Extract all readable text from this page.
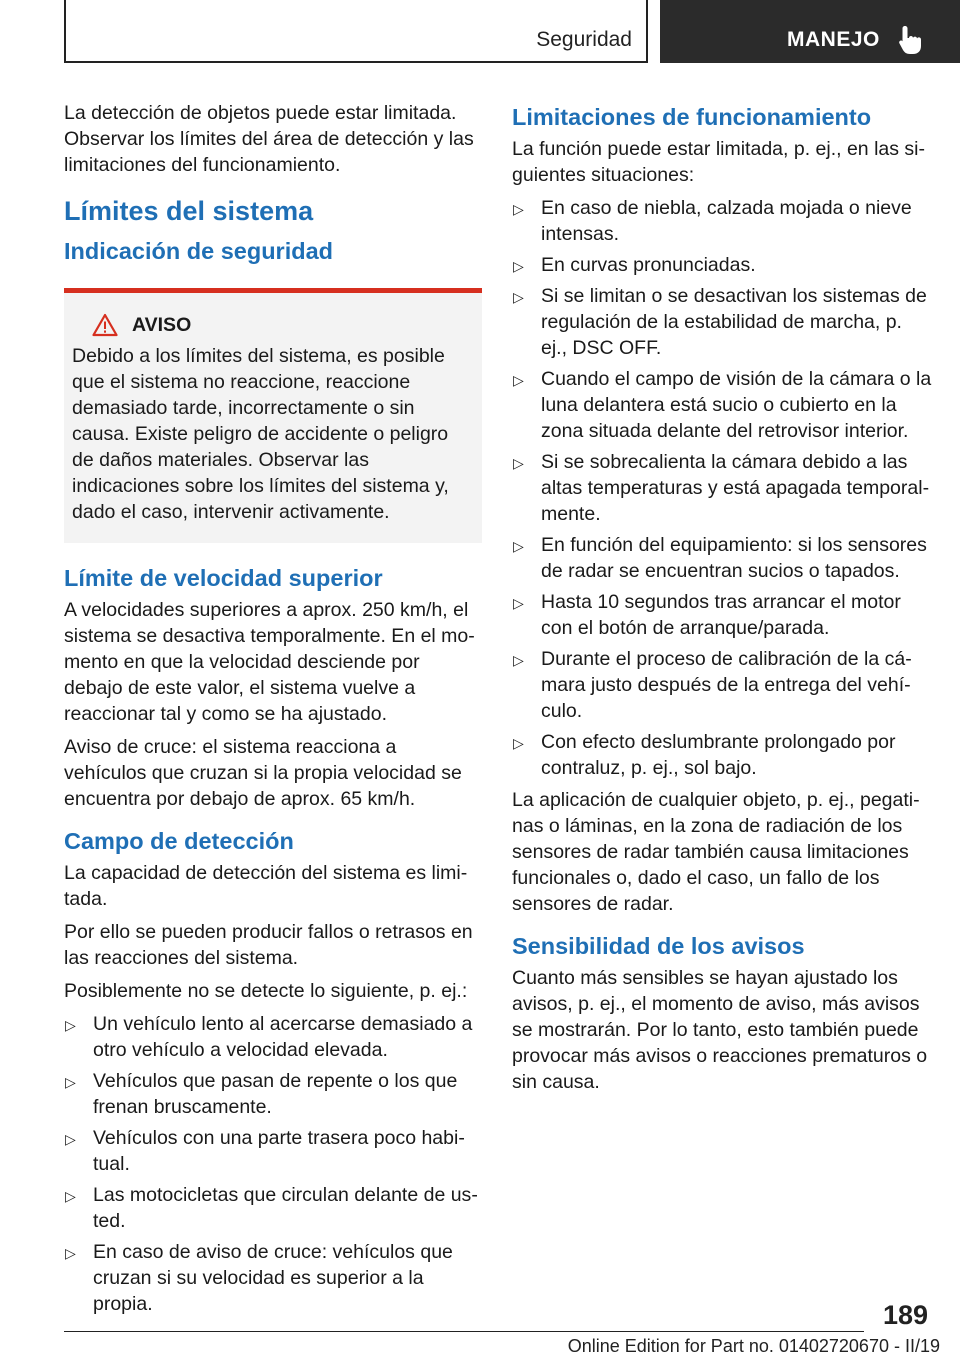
Seguridad	MANEJO

La detección de objetos puede estar limitada. Observar los límites del área de detección y las limitaciones del funcionamiento.

Límites del sistema
Indicación de seguridad
AVISO

Debido a los límites del sistema, es posible que el sistema no reaccione, reaccione demasiado tarde, incorrectamente o sin causa. Existe peligro de accidente o peligro de daños materiales. Observar las indicaciones sobre los límites del sistema y, dado el caso, intervenir activamente.

Límite de velocidad superior

A velocidades superiores a aprox. 250 km/h, el sistema se desactiva temporalmente. En el momento en que la velocidad desciende por debajo de este valor, el sistema vuelve a reaccionar tal y como se ha ajustado.

Aviso de cruce: el sistema reacciona a vehículos que cruzan si la propia velocidad se encuentra por debajo de aprox. 65 km/h.

Campo de detección

La capacidad de detección del sistema es limitada.

Por ello se pueden producir fallos o retrasos en las reacciones del sistema.

Posiblemente no se detecte lo siguiente, p. ej.:

▷ Un vehículo lento al acercarse demasiado a otro vehículo a velocidad elevada.
▷ Vehículos que pasan de repente o los que frenan bruscamente.
▷ Vehículos con una parte trasera poco habitual.
▷ Las motocicletas que circulan delante de usted.
▷ En caso de aviso de cruce: vehículos que cruzan si su velocidad es superior a la propia.
Limitaciones de funcionamiento

La función puede estar limitada, p. ej., en las siguientes situaciones:

▷ En caso de niebla, calzada mojada o nieve intensas.
▷ En curvas pronunciadas.
▷ Si se limitan o se desactivan los sistemas de regulación de la estabilidad de marcha, p. ej., DSC OFF.
▷ Cuando el campo de visión de la cámara o la luna delantera está sucio o cubierto en la zona situada delante del retrovisor interior.
▷ Si se sobrecalienta la cámara debido a las altas temperaturas y está apagada temporalmente.
▷ En función del equipamiento: si los sensores de radar se encuentran sucios o tapados.
▷ Hasta 10 segundos tras arrancar el motor con el botón de arranque/parada.
▷ Durante el proceso de calibración de la cámara justo después de la entrega del vehículo.
▷ Con efecto deslumbrante prolongado por contraluz, p. ej., sol bajo.

La aplicación de cualquier objeto, p. ej., pegatinas o láminas, en la zona de radiación de los sensores de radar también causa limitaciones funcionales o, dado el caso, un fallo de los sensores de radar.

Sensibilidad de los avisos

Cuanto más sensibles se hayan ajustado los avisos, p. ej., el momento de aviso, más avisos se mostrarán. Por lo tanto, esto también puede provocar más avisos o reacciones prematuros o sin causa.

189
Online Edition for Part no. 01402720670 - II/19
